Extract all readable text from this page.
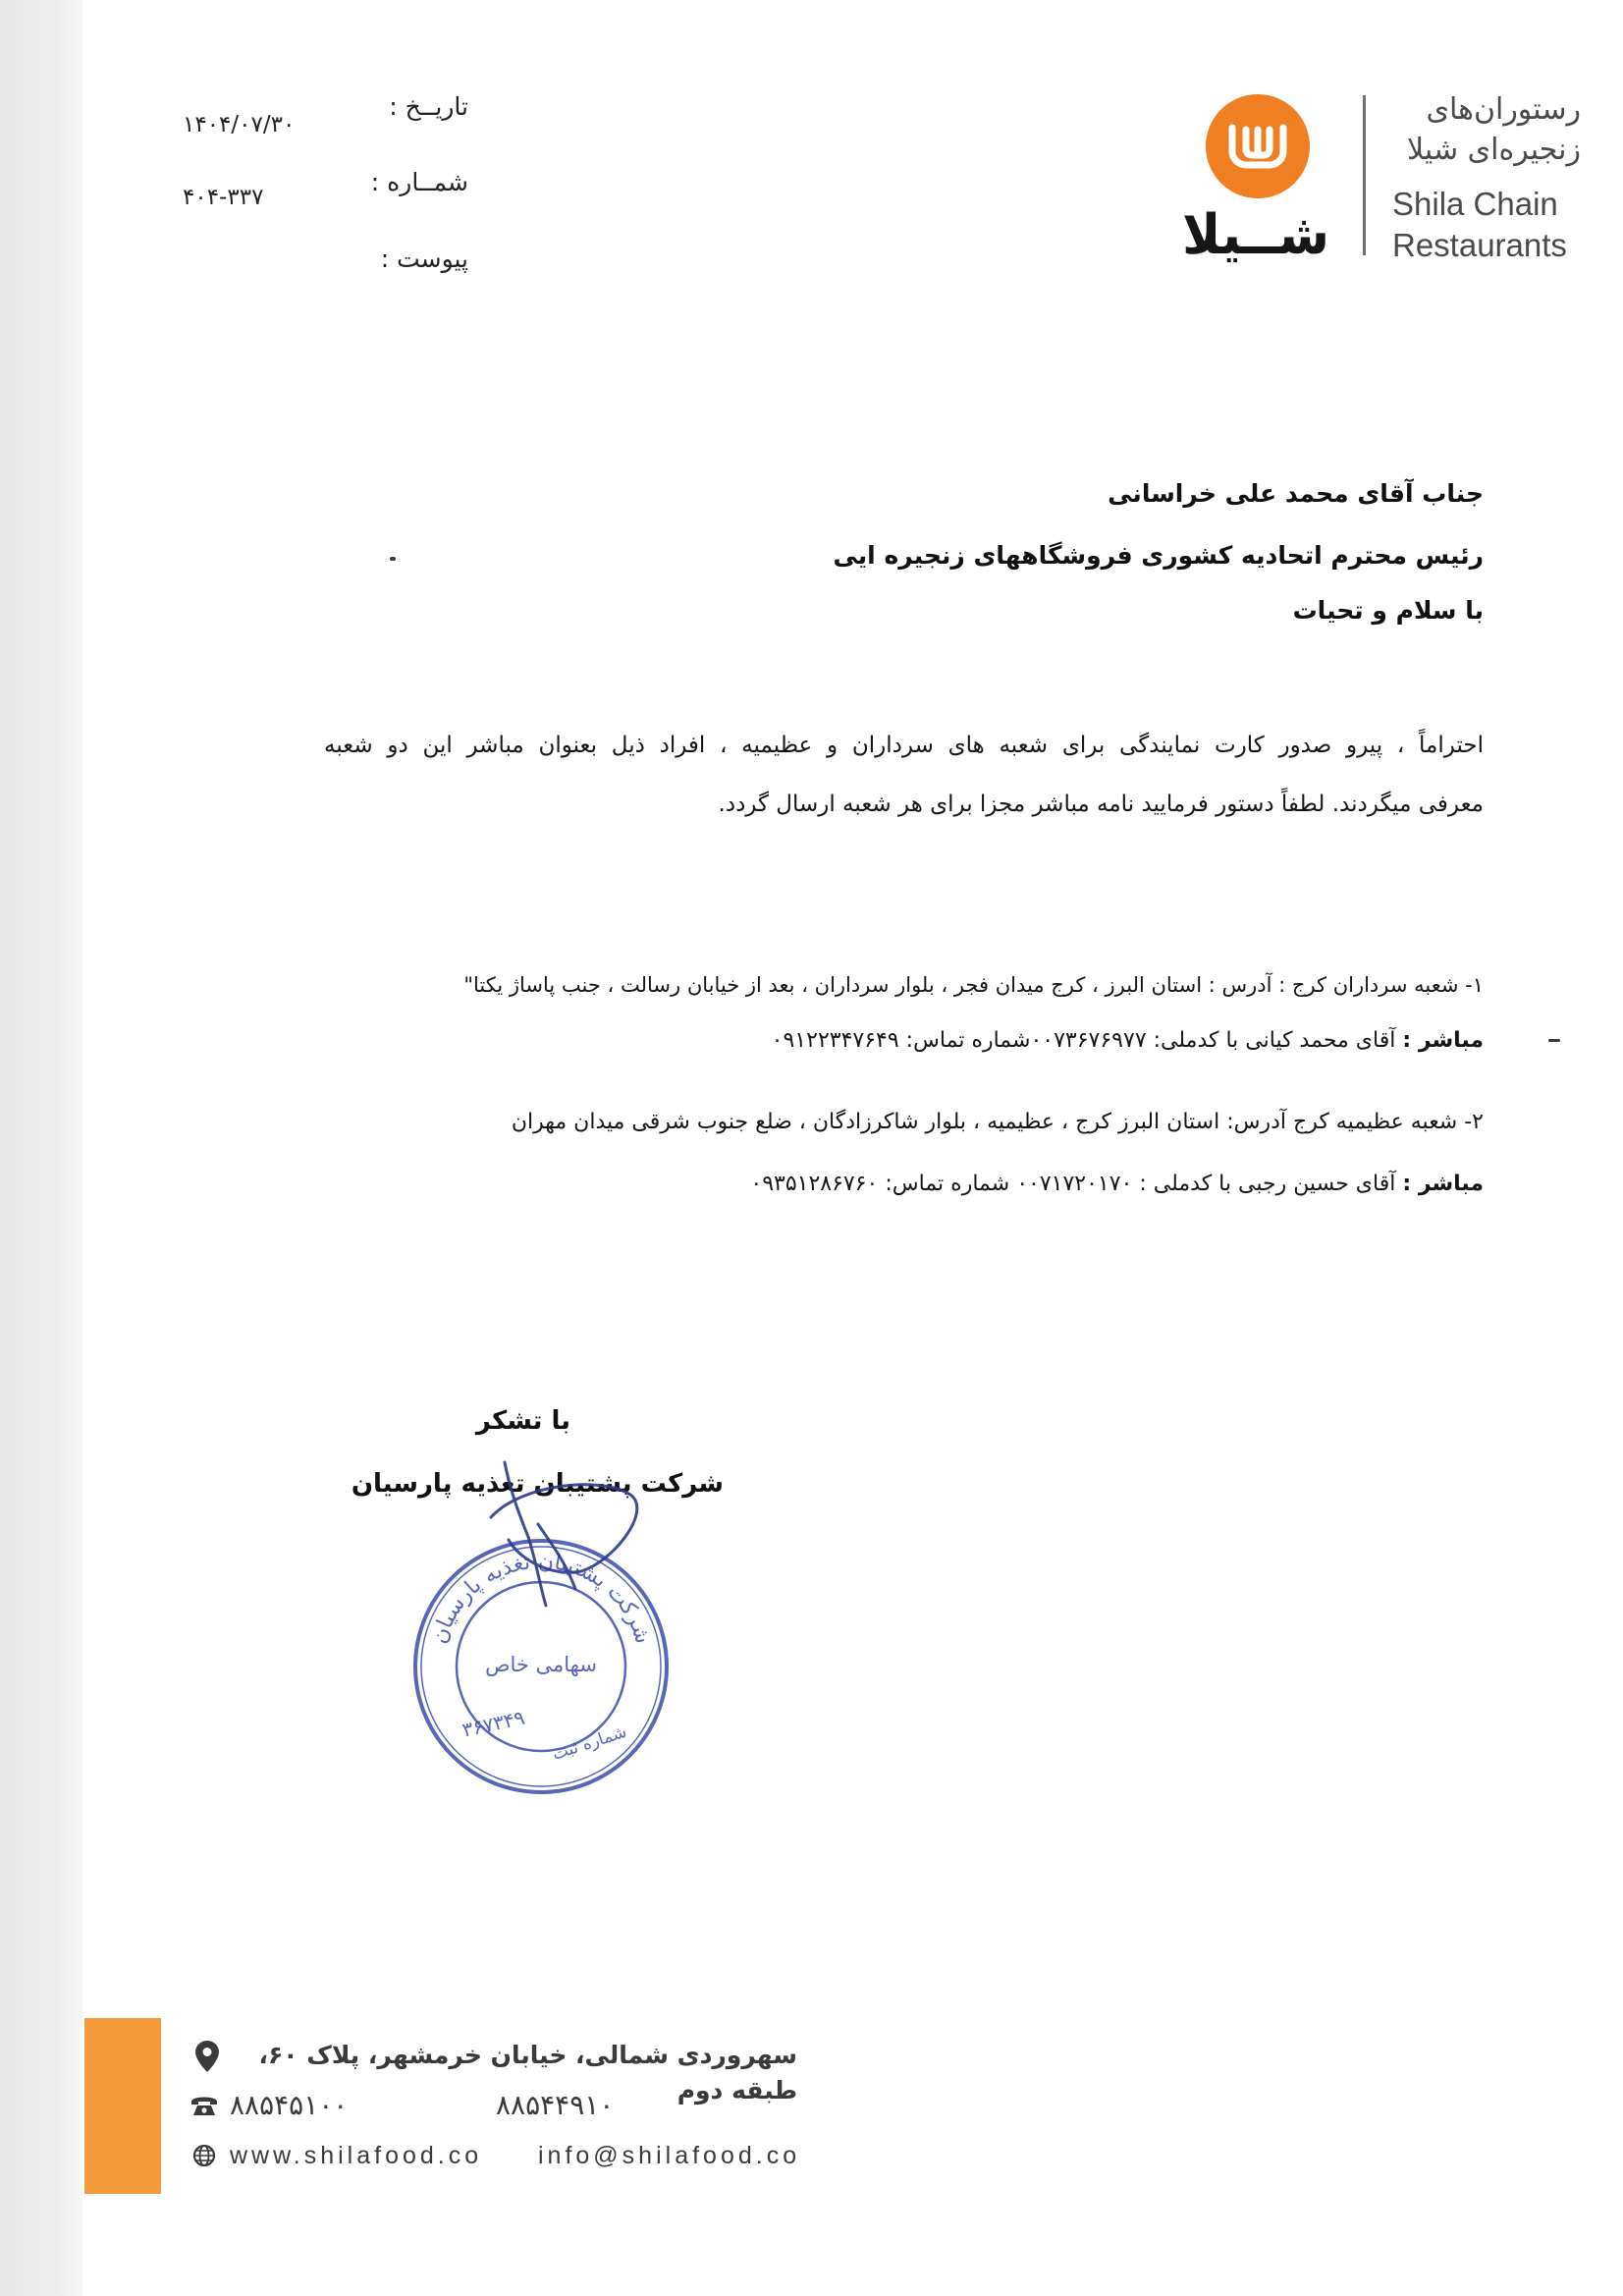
شــیلا
رستوران‌های
زنجیره‌ای شیلا
Shila Chain
Restaurants
تاریــخ :
۱۴۰۴/۰۷/۳۰
شمــاره :
۴۰۴-۳۳۷
پیوست :
جناب آقای محمد علی خراسانی
رئیس محترم اتحادیه کشوری فروشگاههای زنجیره ایی
با سلام و تحیات
احتراماً ، پیرو صدور کارت نمایندگی برای شعبه های سرداران و عظیمیه ، افراد ذیل بعنوان مباشر این دو شعبه
معرفی میگردند. لطفاً دستور فرمایید نامه مباشر مجزا برای هر شعبه ارسال گردد.
۱- شعبه سرداران کرج : آدرس : استان البرز ، کرج میدان فجر ، بلوار سرداران ، بعد از خیابان رسالت ، جنب پاساژ یکتا"
مباشر : آقای محمد کیانی با کدملی: ۰۰۷۳۶۷۶۹۷۷شماره تماس: ۰۹۱۲۲۳۴۷۶۴۹
۲- شعبه عظیمیه کرج آدرس: استان البرز کرج ، عظیمیه ، بلوار شاکرزادگان ، ضلع جنوب شرقی میدان مهران
مباشر : آقای حسین رجبی با کدملی : ۰۰۷۱۷۲۰۱۷۰ شماره تماس: ۰۹۳۵۱۲۸۶۷۶۰
با تشکر
شرکت پشتیبان تغذیه پارسیان
شرکت پشتیبان تغذیه پارسیان
سهامی خاص
۳۶۷۳۴۹ شماره ثبت
سهروردی شمالی، خیابان خرمشهر، پلاک ۶۰، طبقه دوم
۸۸۵۴۵۱۰۰	۸۸۵۴۴۹۱۰
www.shilafood.co info@shilafood.co
